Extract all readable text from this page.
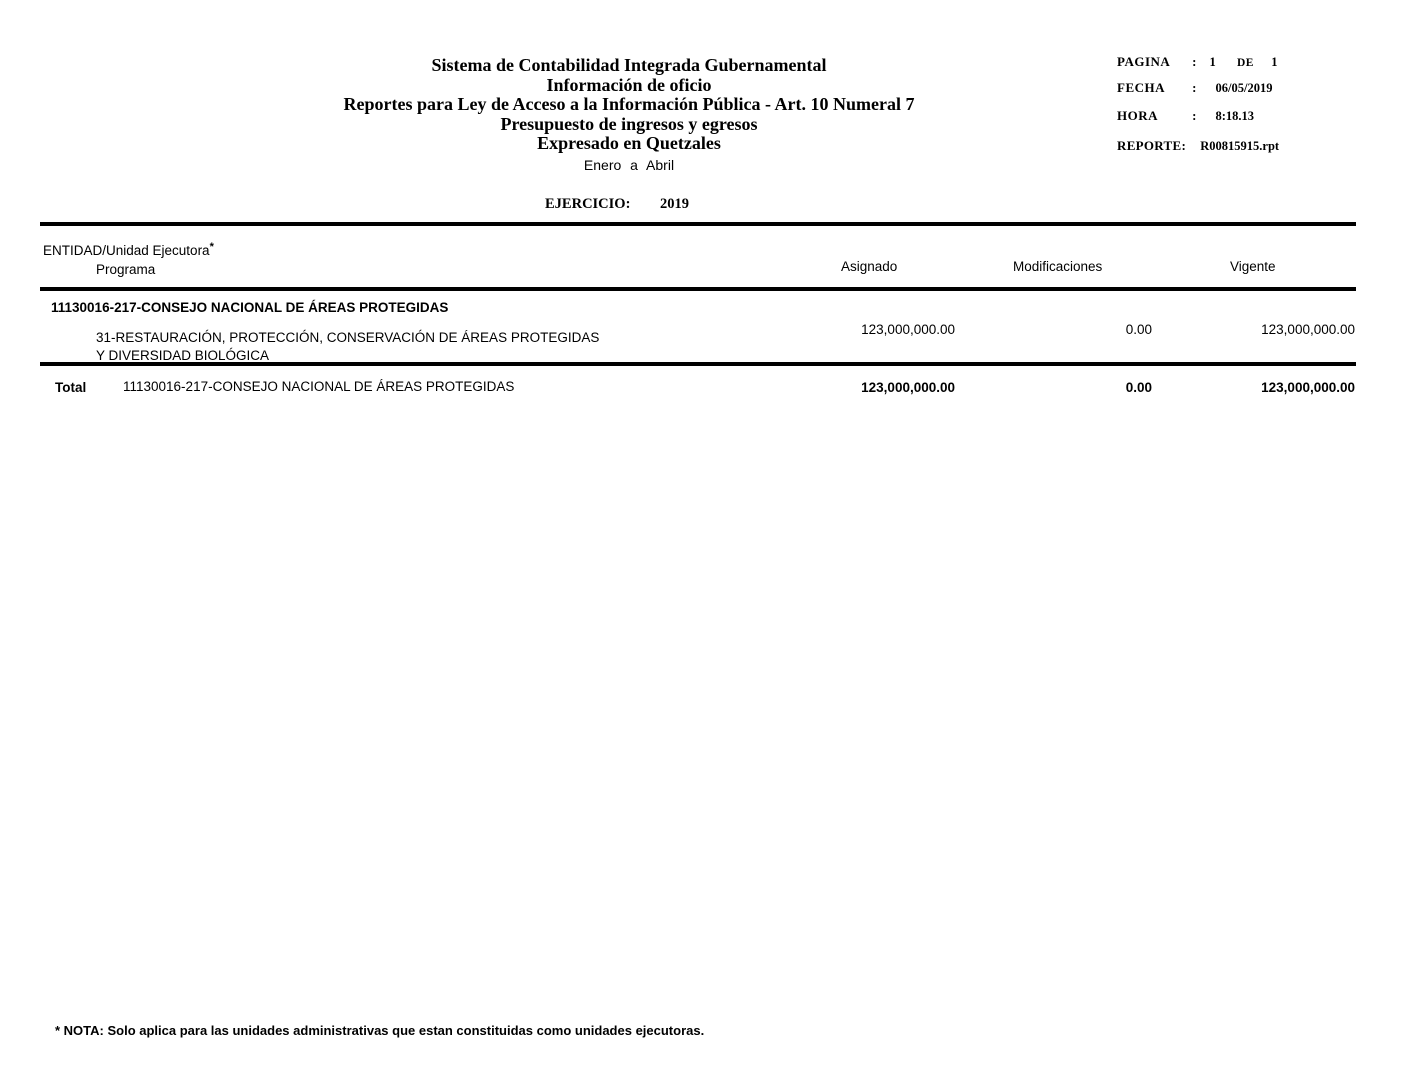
Sistema de Contabilidad Integrada Gubernamental
Información de oficio
Reportes para Ley de Acceso a la Información Pública - Art. 10 Numeral 7
Presupuesto de ingresos y egresos
Expresado en Quetzales
Enero a Abril
PAGINA : 1 DE 1
FECHA : 06/05/2019
HORA	: 8:18.13
REPORTE: R00815915.rpt
EJERCICIO: 2019
ENTIDAD/Unidad Ejecutora*
Programa	Asignado	Modificaciones	Vigente
11130016-217-CONSEJO NACIONAL DE ÁREAS PROTEGIDAS
31-RESTAURACIÓN, PROTECCIÓN, CONSERVACIÓN DE ÁREAS PROTEGIDAS
Y DIVERSIDAD BIOLÓGICA
123,000,000.00	0.00	123,000,000.00
Total	11130016-217-CONSEJO NACIONAL DE ÁREAS PROTEGIDAS	123,000,000.00	0.00	123,000,000.00
* NOTA: Solo aplica para las unidades administrativas que estan constituidas como unidades ejecutoras.
